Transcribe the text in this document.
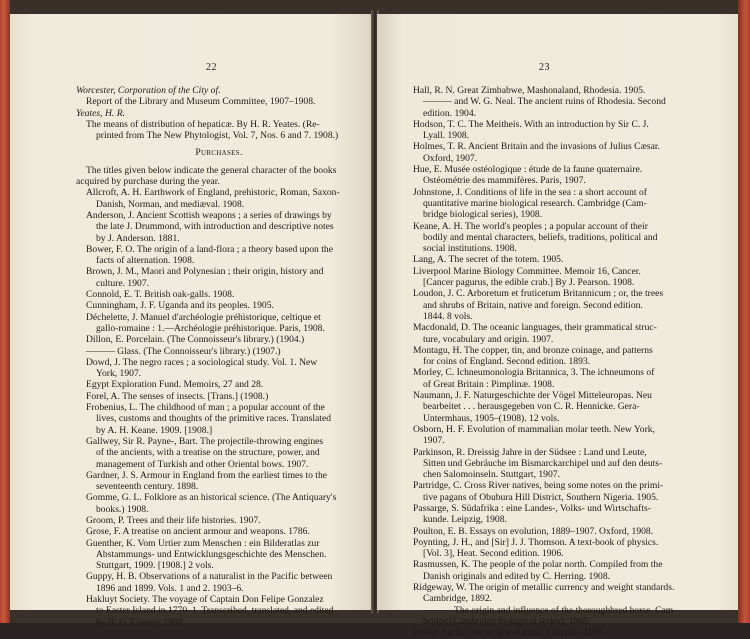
22
Worcester, Corporation of the City of.
Report of the Library and Museum Committee, 1907–1908.
Yeates, H. R.
The means of distribution of hepaticæ. By H. R. Yeates. (Re-
printed from The New Phytologist, Vol. 7, Nos. 6 and 7. 1908.)
Purchases.
The titles given below indicate the general character of the books
acquired by purchase during the year.
Allcroft, A. H. Earthwork of England, prehistoric, Roman, Saxon-
Danish, Norman, and mediæval. 1908.
Anderson, J. Ancient Scottish weapons ; a series of drawings by
the late J. Drummond, with introduction and descriptive notes
by J. Anderson. 1881.
Bower, F. O. The origin of a land-flora ; a theory based upon the
facts of alternation. 1908.
Brown, J. M., Maori and Polynesian ; their origin, history and
culture. 1907.
Connold, E. T. British oak-galls. 1908.
Cunningham, J. F. Uganda and its peoples. 1905.
Déchelette, J. Manuel d'archéologie préhistorique, celtique et
gallo-romaine : 1.—Archéologie préhistorique. Paris, 1908.
Dillon, E. Porcelain. (The Connoisseur's library.) (1904.)
——— Glass. (The Connoisseur's library.) (1907.)
Dowd, J. The negro races ; a sociological study. Vol. 1. New
York, 1907.
Egypt Exploration Fund. Memoirs, 27 and 28.
Forel, A. The senses of insects. [Trans.] (1908.)
Frobenius, L. The childhood of man ; a popular account of the
lives, customs and thoughts of the primitive races. Translated
by A. H. Keane. 1909. [1908.]
Gallwey, Sir R. Payne-, Bart. The projectile-throwing engines
of the ancients, with a treatise on the structure, power, and
management of Turkish and other Oriental bows. 1907.
Gardner, J. S. Armour in England from the earliest times to the
seventeenth century. 1898.
Gomme, G. L. Folklore as an historical science. (The Antiquary's
books.) 1908.
Groom, P. Trees and their life histories. 1907.
Grose, F. A treatise on ancient armour and weapons. 1786.
Guenther, K. Vom Urtier zum Menschen : ein Bilderatlas zur
Abstammungs- und Entwicklungsgeschichte des Menschen.
Stuttgart, 1909. [1908.] 2 vols.
Guppy, H. B. Observations of a naturalist in the Pacific between
1896 and 1899. Vols. 1 and 2. 1903–6.
Hakluyt Society. The voyage of Captain Don Felipe Gonzalez
to Easter Island in 1770–1. Transcribed, translated, and edited
by B. G. Corney. 1908.
23
Hall, R. N. Great Zimbabwe, Mashonaland, Rhodesia. 1905.
——— and W. G. Neal. The ancient ruins of Rhodesia. Second
edition. 1904.
Hodson, T. C. The Meitheis. With an introduction by Sir C. J.
Lyall. 1908.
Holmes, T. R. Ancient Britain and the invasions of Julius Cæsar.
Oxford, 1907.
Hue, E. Musée ostéologique : étude de la faune quaternaire.
Ostéométrie des mammifères. Paris, 1907.
Johnstone, J. Conditions of life in the sea : a short account of
quantitative marine biological research. Cambridge (Cam-
bridge biological series), 1908.
Keane, A. H. The world's peoples ; a popular account of their
bodily and mental characters, beliefs, traditions, political and
social institutions. 1908.
Lang, A. The secret of the totem. 1905.
Liverpool Marine Biology Committee. Memoir 16, Cancer.
[Cancer pagurus, the edible crab.] By J. Pearson. 1908.
Loudon, J. C. Arboretum et fruticetum Britannicum ; or, the trees
and shrubs of Britain, native and foreign. Second edition.
1844. 8 vols.
Macdonald, D. The oceanic languages, their grammatical struc-
ture, vocabulary and origin. 1907.
Montagu, H. The copper, tin, and bronze coinage, and patterns
for coins of England. Second edition. 1893.
Morley, C. Ichneumonologia Britannica, 3. The ichneumons of
of Great Britain : Pimplinæ. 1908.
Naumann, J. F. Naturgeschichte der Vögel Mitteleuropas. Neu
bearbeitet . . . herausgegeben von C. R. Hennicke. Gera-
Untermhaus, 1905–(1908). 12 vols.
Osborn, H. F. Evolution of mammalian molar teeth. New York,
1907.
Parkinson, R. Dreissig Jahre in der Südsee : Land und Leute,
Sitten und Gebräuche im Bismarckarchipel und auf den deuts-
chen Salomoinseln. Stuttgart, 1907.
Partridge, C. Cross River natives, being some notes on the primi-
tive pagans of Obubura Hill District, Southern Nigeria. 1905.
Passarge, S. Südafrika : eine Landes-, Volks- und Wirtschafts-
kunde. Leipzig, 1908.
Poulton, E. B. Essays on evolution, 1889–1907. Oxford, 1908.
Poynting, J. H., and [Sir] J. J. Thomson. A text-book of physics.
[Vol. 3], Heat. Second edition. 1906.
Rasmussen, K. The people of the polar north. Compiled from the
Danish originals and edited by C. Herring. 1908.
Ridgeway, W. The origin of metallic currency and weight standards.
Cambridge, 1892.
——— The origin and influence of the thoroughbred horse. Cam-
bridge (Cambridge biological series), 1905.
Risley, Sir H. The people of India. Calcutta, 1908.
